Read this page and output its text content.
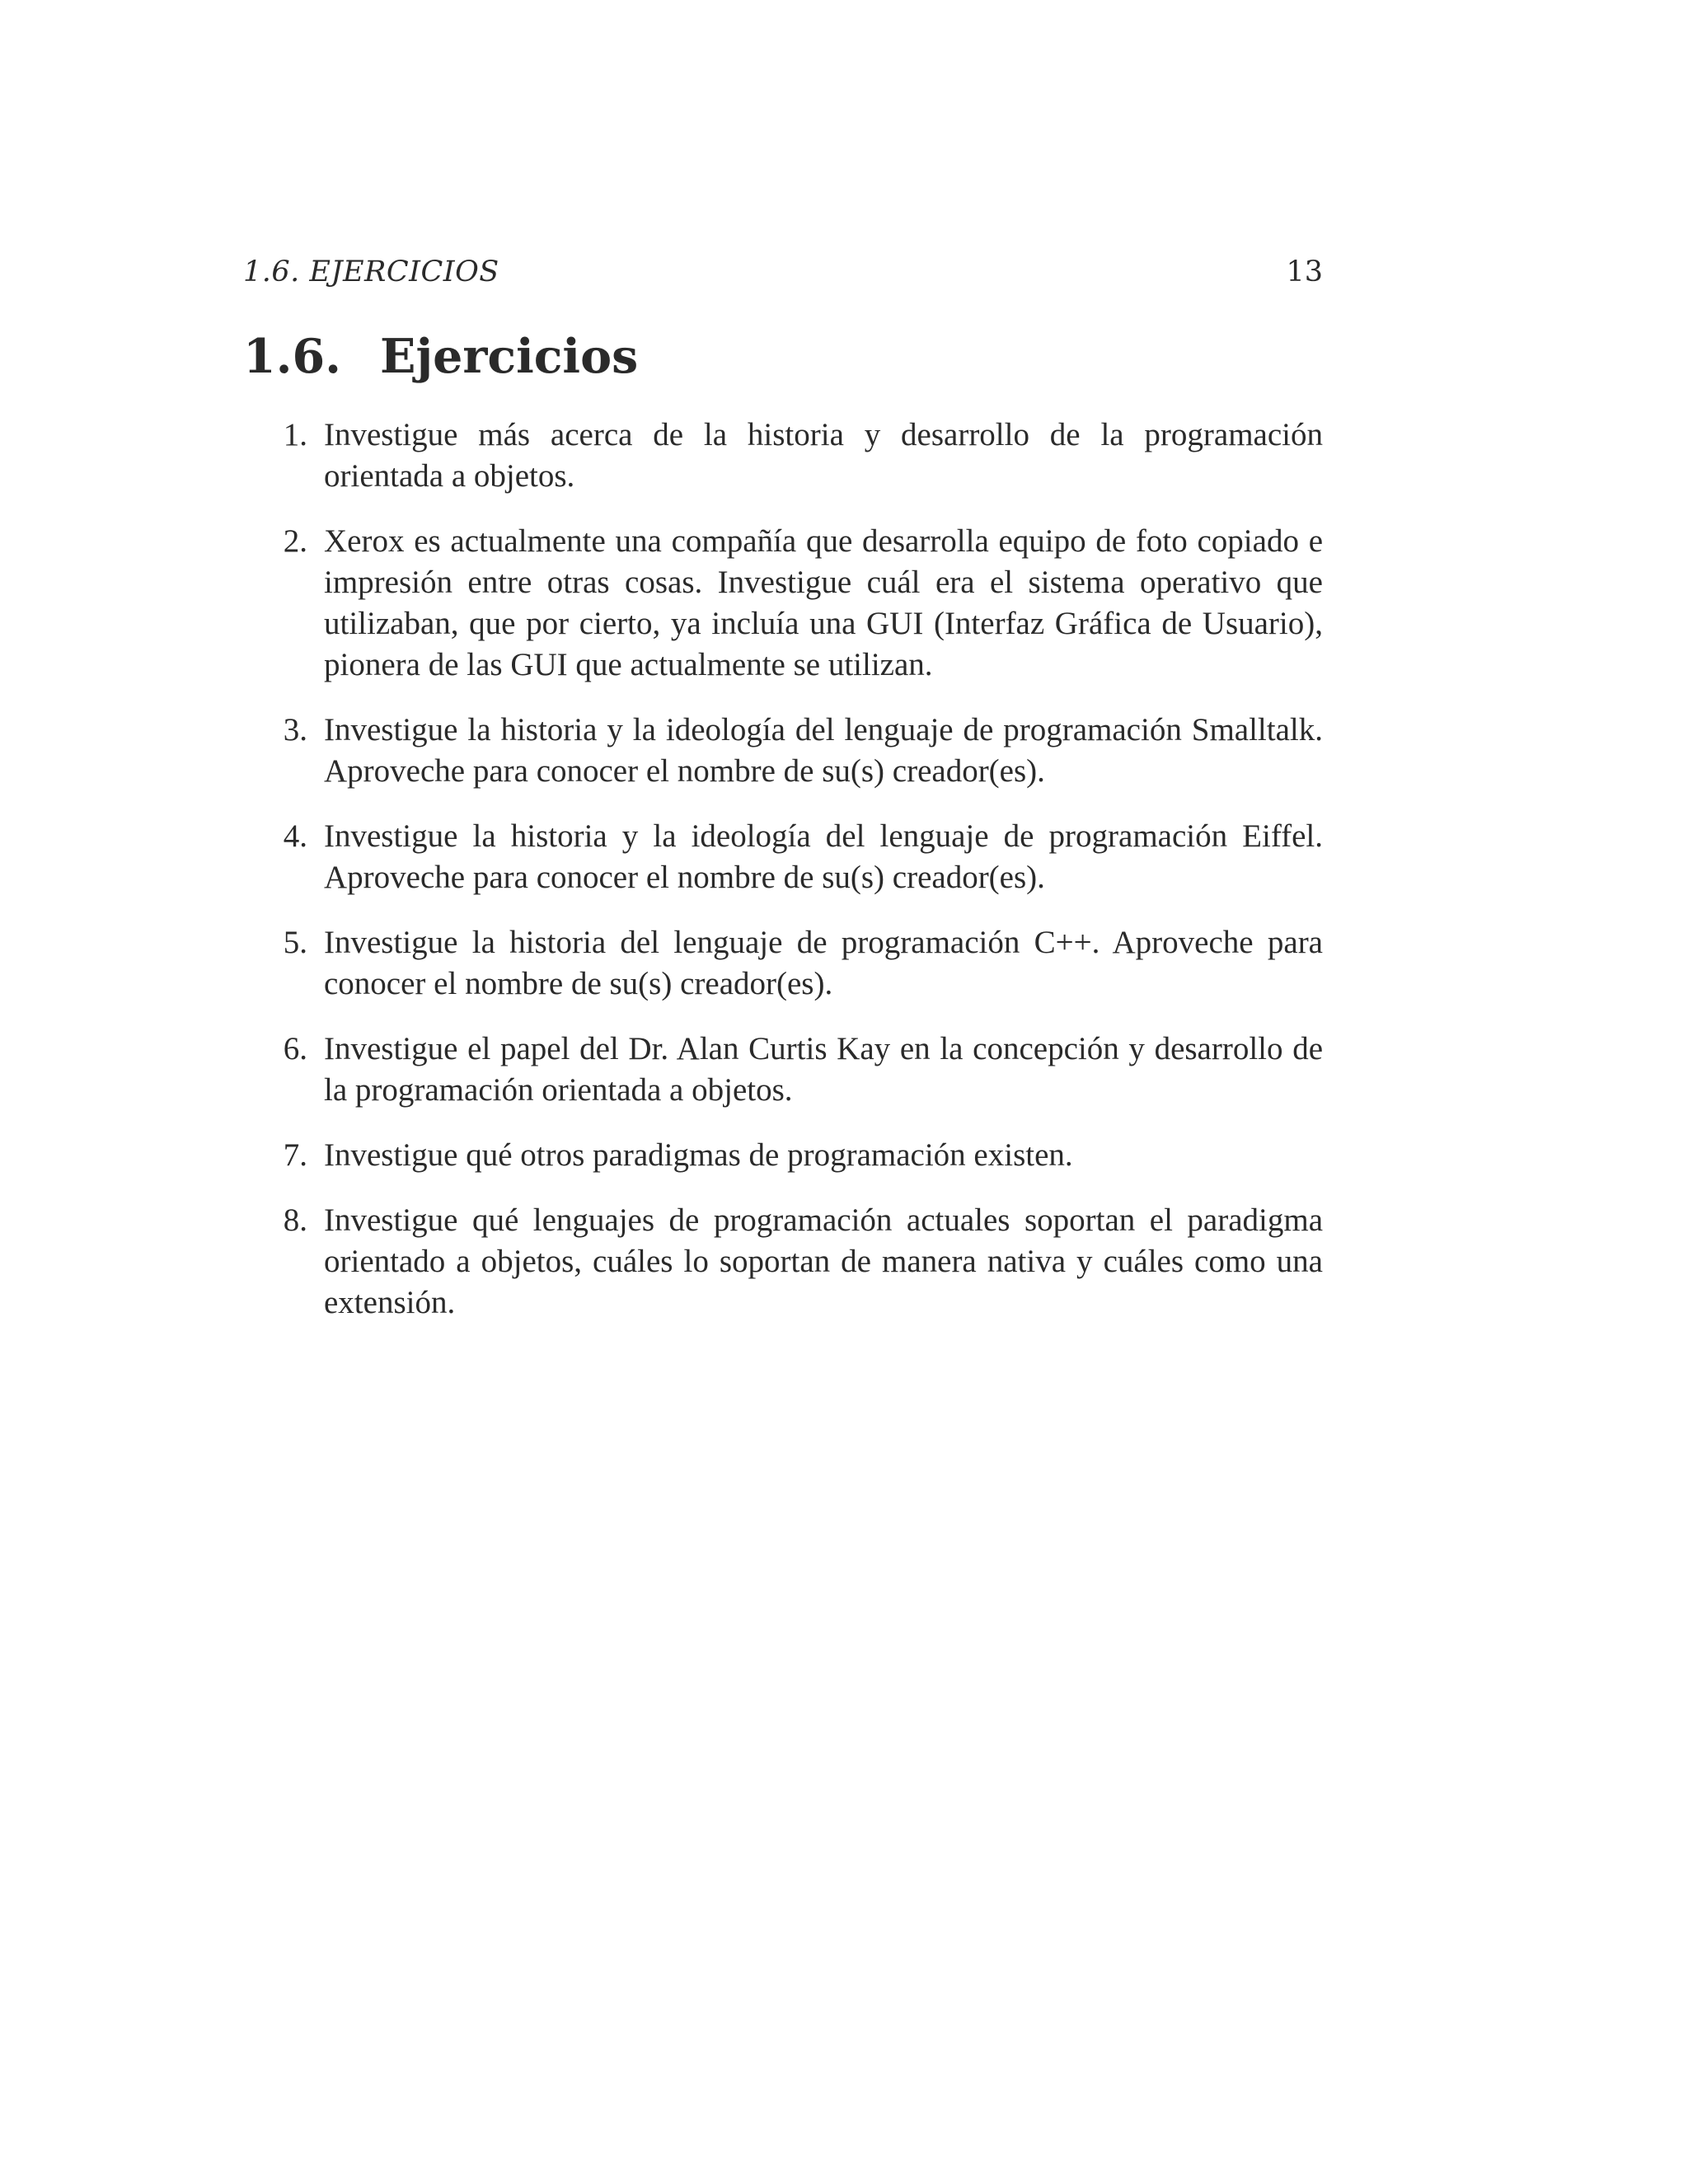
1.6. EJERCICIOS	13
1.6. Ejercicios
1. Investigue más acerca de la historia y desarrollo de la programación orientada a objetos.
2. Xerox es actualmente una compañía que desarrolla equipo de foto copiado e impresión entre otras cosas. Investigue cuál era el sistema operativo que utilizaban, que por cierto, ya incluía una GUI (Interfaz Gráfica de Usuario), pionera de las GUI que actualmente se utilizan.
3. Investigue la historia y la ideología del lenguaje de programación Smalltalk. Aproveche para conocer el nombre de su(s) creador(es).
4. Investigue la historia y la ideología del lenguaje de programación Eiffel. Aproveche para conocer el nombre de su(s) creador(es).
5. Investigue la historia del lenguaje de programación C++. Aproveche para conocer el nombre de su(s) creador(es).
6. Investigue el papel del Dr. Alan Curtis Kay en la concepción y desarrollo de la programación orientada a objetos.
7. Investigue qué otros paradigmas de programación existen.
8. Investigue qué lenguajes de programación actuales soportan el paradigma orientado a objetos, cuáles lo soportan de manera nativa y cuáles como una extensión.
